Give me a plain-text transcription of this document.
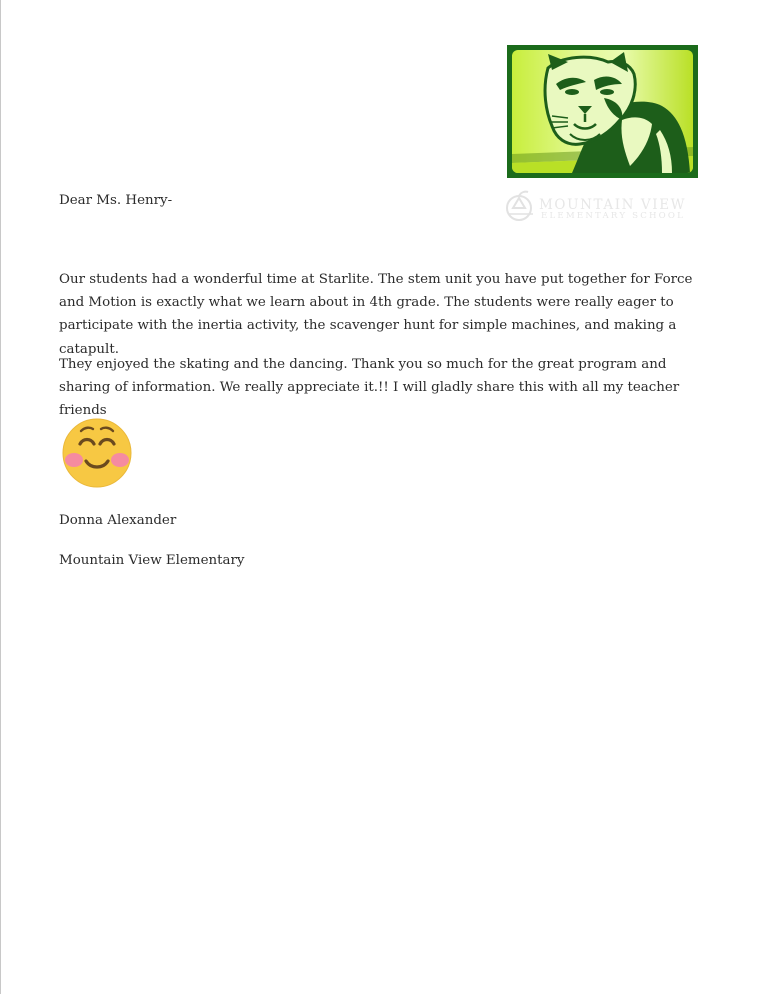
MOUNTAIN VIEW
ELEMENTARY SCHOOL

Dear Ms. Henry-

Our students had a wonderful time at Starlite. The stem unit you have put together for Force and Motion is exactly what we learn about in 4th grade. The students were really eager to participate with the inertia activity, the scavenger hunt for simple machines, and making a catapult.

They enjoyed the skating and the dancing. Thank you so much for the great program and sharing of information. We really appreciate it.!! I will gladly share this with all my teacher friends

Donna Alexander

Mountain View Elementary
